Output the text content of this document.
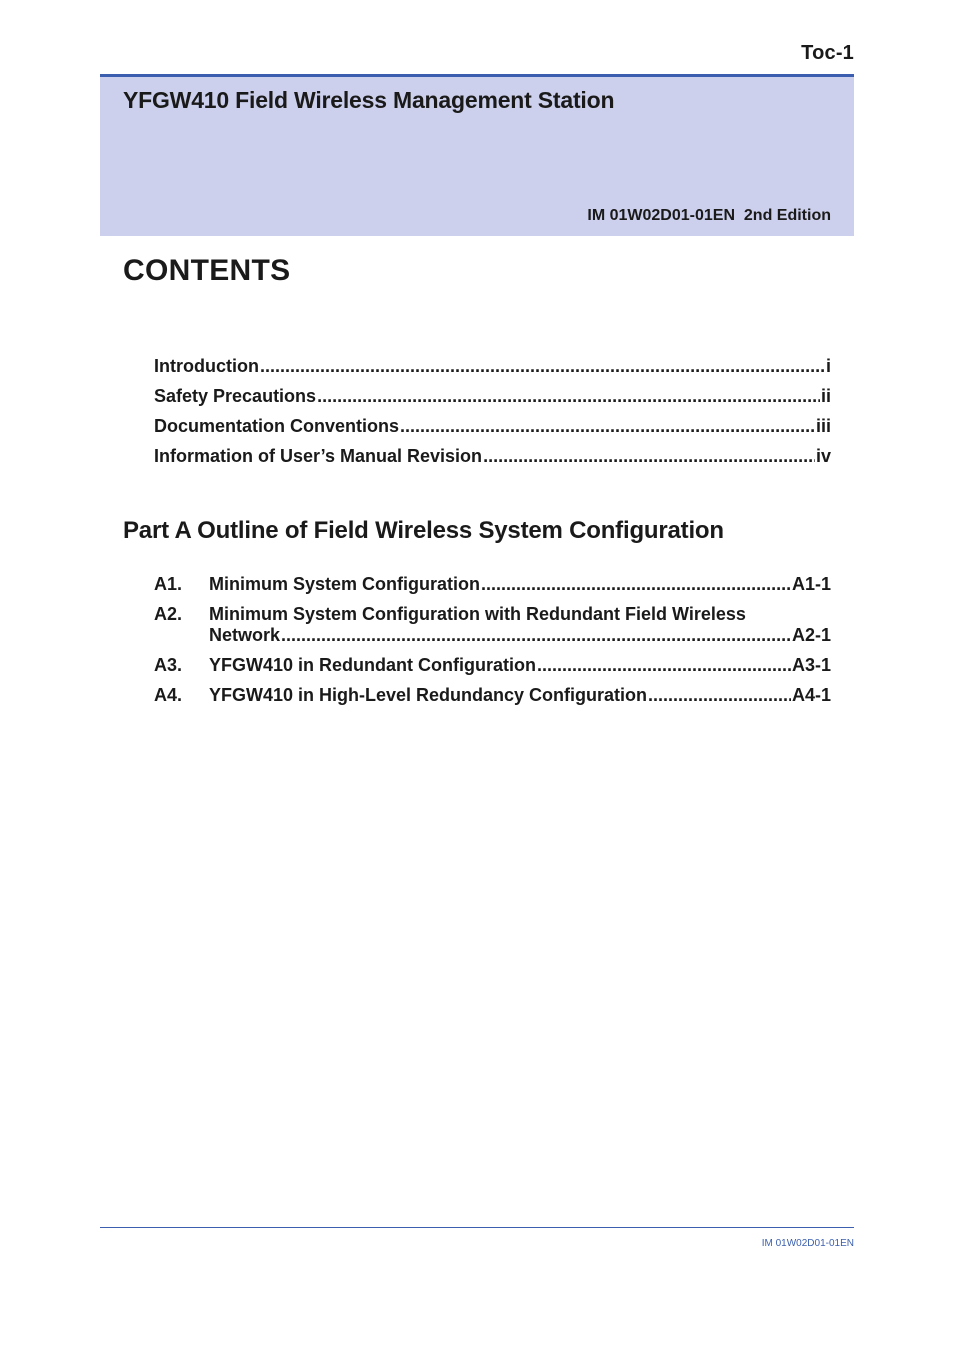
Toc-1
YFGW410 Field Wireless Management Station
IM 01W02D01-01EN  2nd Edition
CONTENTS
Introduction .....	i
Safety Precautions .....	ii
Documentation Conventions .....	iii
Information of User’s Manual Revision .....	iv
Part A Outline of Field Wireless System Configuration
A1.	Minimum System Configuration .....	A1-1
A2.	Minimum System Configuration with Redundant Field Wireless
Network .....	A2-1
A3.	YFGW410 in Redundant Configuration .....	A3-1
A4.	YFGW410 in High-Level Redundancy Configuration .....	A4-1
IM 01W02D01-01EN
